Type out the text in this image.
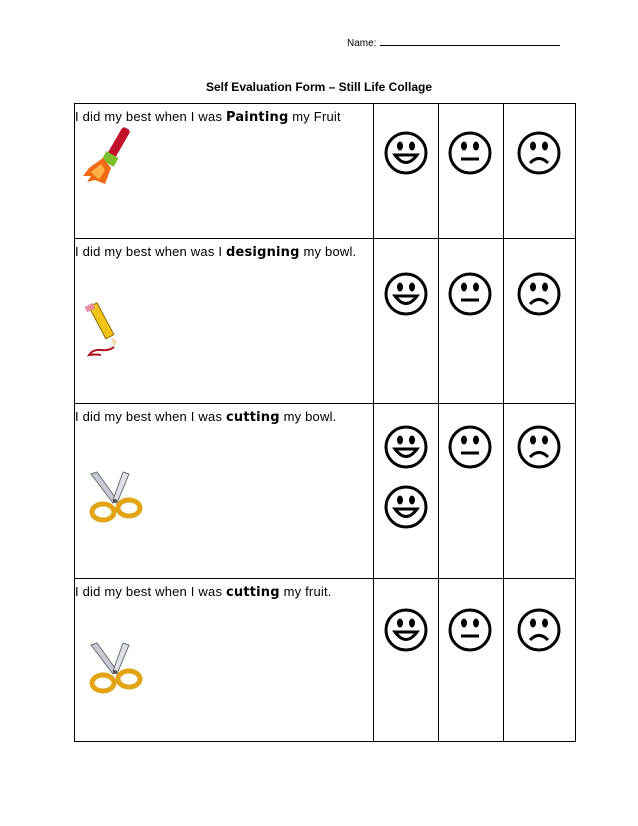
Name:
Self Evaluation Form – Still Life Collage
I did my best when I was Painting my Fruit

I did my best when was I designing my bowl.

I did my best when I was cutting my bowl.

I did my best when I was cutting my fruit.
